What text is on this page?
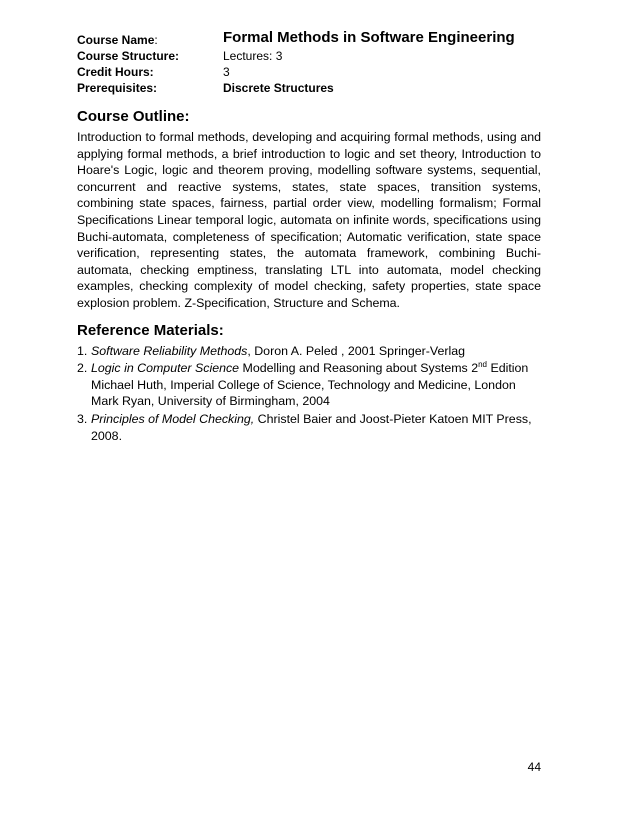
Course Name:	Formal Methods in Software Engineering
Course Structure:	Lectures: 3
Credit Hours:	3
Prerequisites:	Discrete Structures
Course Outline:

Introduction to formal methods, developing and acquiring formal methods, using and applying formal methods, a brief introduction to logic and set theory, Introduction to Hoare's Logic, logic and theorem proving, modelling software systems, sequential, concurrent and reactive systems, states, state spaces, transition systems, combining state spaces, fairness, partial order view, modelling formalism; Formal Specifications Linear temporal logic, automata on infinite words, specifications using Buchi-automata, completeness of specification; Automatic verification, state space verification, representing states, the automata framework, combining Buchi-automata, checking emptiness, translating LTL into automata, model checking examples, checking complexity of model checking, safety properties, state space explosion problem. Z-Specification, Structure and Schema.

Reference Materials:
1. Software Reliability Methods, Doron A. Peled , 2001 Springer-Verlag
2. Logic in Computer Science Modelling and Reasoning about Systems 2nd Edition Michael Huth, Imperial College of Science, Technology and Medicine, London Mark Ryan, University of Birmingham, 2004
3. Principles of Model Checking, Christel Baier and Joost-Pieter Katoen MIT Press, 2008.
44
